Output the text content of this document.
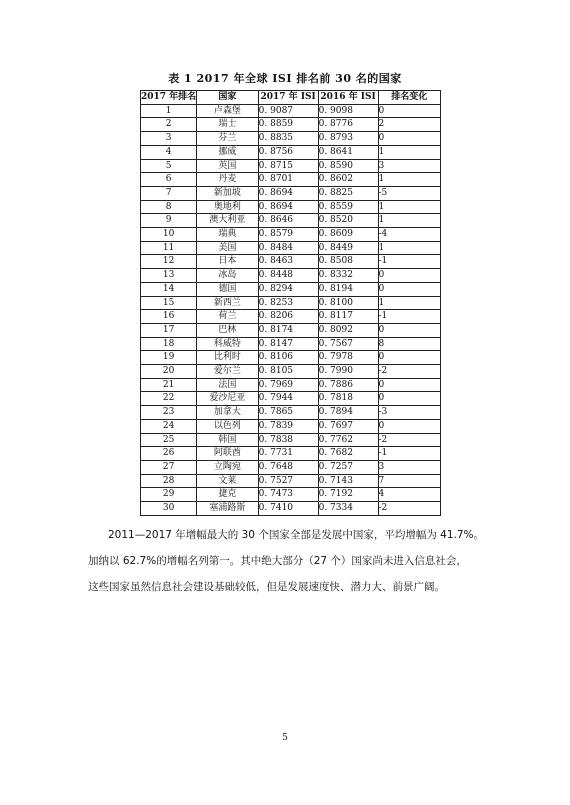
表 1 2017 年全球 ISI 排名前 30 名的国家
2017 年排名	国家	2017 年 ISI	2016 年 ISI	排名变化
1	卢森堡	0. 9087	0. 9098	0
2	瑞士	0. 8859	0. 8776	2
3	芬兰	0. 8835	0. 8793	0
4	挪威	0. 8756	0. 8641	1
5	英国	0. 8715	0. 8590	3
6	丹麦	0. 8701	0. 8602	1
7	新加坡	0. 8694	0. 8825	-5
8	奥地利	0. 8694	0. 8559	1
9	澳大利亚	0. 8646	0. 8520	1
10	瑞典	0. 8579	0. 8609	-4
11	美国	0. 8484	0. 8449	1
12	日本	0. 8463	0. 8508	-1
13	冰岛	0. 8448	0. 8332	0
14	德国	0. 8294	0. 8194	0
15	新西兰	0. 8253	0. 8100	1
16	荷兰	0. 8206	0. 8117	-1
17	巴林	0. 8174	0. 8092	0
18	科威特	0. 8147	0. 7567	8
19	比利时	0. 8106	0. 7978	0
20	爱尔兰	0. 8105	0. 7990	-2
21	法国	0. 7969	0. 7886	0
22	爱沙尼亚	0. 7944	0. 7818	0
23	加拿大	0. 7865	0. 7894	-3
24	以色列	0. 7839	0. 7697	0
25	韩国	0. 7838	0. 7762	-2
26	阿联酋	0. 7731	0. 7682	-1
27	立陶宛	0. 7648	0. 7257	3
28	文莱	0. 7527	0. 7143	7
29	捷克	0. 7473	0. 7192	4
30	塞浦路斯	0. 7410	0. 7334	-2

2011—2017 年增幅最大的 30 个国家全部是发展中国家，平均增幅为 41.7%。

加纳以 62.7%的增幅名列第一。其中绝大部分（27 个）国家尚未进入信息社会，

这些国家虽然信息社会建设基础较低，但是发展速度快、潜力大、前景广阔。

5
